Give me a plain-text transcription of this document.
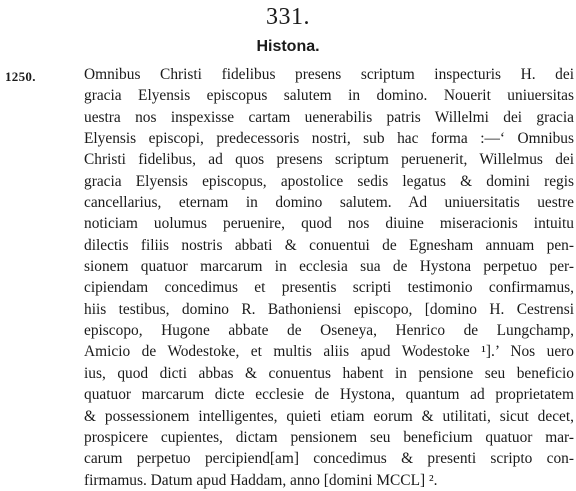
331.
Histona.
1250.	Omnibus Christi fidelibus presens scriptum inspecturis H. dei
gracia Elyensis episcopus salutem in domino. Nouerit uniuersitas
uestra nos inspexisse cartam uenerabilis patris Willelmi dei gracia
Elyensis episcopi, predecessoris nostri, sub hac forma :—‘ Omnibus
Christi fidelibus, ad quos presens scriptum peruenerit, Willelmus dei
gracia Elyensis episcopus, apostolice sedis legatus & domini regis
cancellarius, eternam in domino salutem. Ad uniuersitatis uestre
noticiam uolumus peruenire, quod nos diuine miseracionis intuitu
dilectis filiis nostris abbati & conuentui de Egnesham annuam pen-
sionem quatuor marcarum in ecclesia sua de Hystona perpetuo per-
cipiendam concedimus et presentis scripti testimonio confirmamus,
hiis testibus, domino R. Bathoniensi episcopo, [domino H. Cestrensi
episcopo, Hugone abbate de Oseneya, Henrico de Lungchamp,
Amicio de Wodestoke, et multis aliis apud Wodestoke ¹].’ Nos uero
ius, quod dicti abbas & conuentus habent in pensione seu beneficio
quatuor marcarum dicte ecclesie de Hystona, quantum ad proprietatem
& possessionem intelligentes, quieti etiam eorum & utilitati, sicut decet,
prospicere cupientes, dictam pensionem seu beneficium quatuor mar-
carum perpetuo percipiend[am] concedimus & presenti scripto con-
firmamus. Datum apud Haddam, anno [domini MCCL] ².
